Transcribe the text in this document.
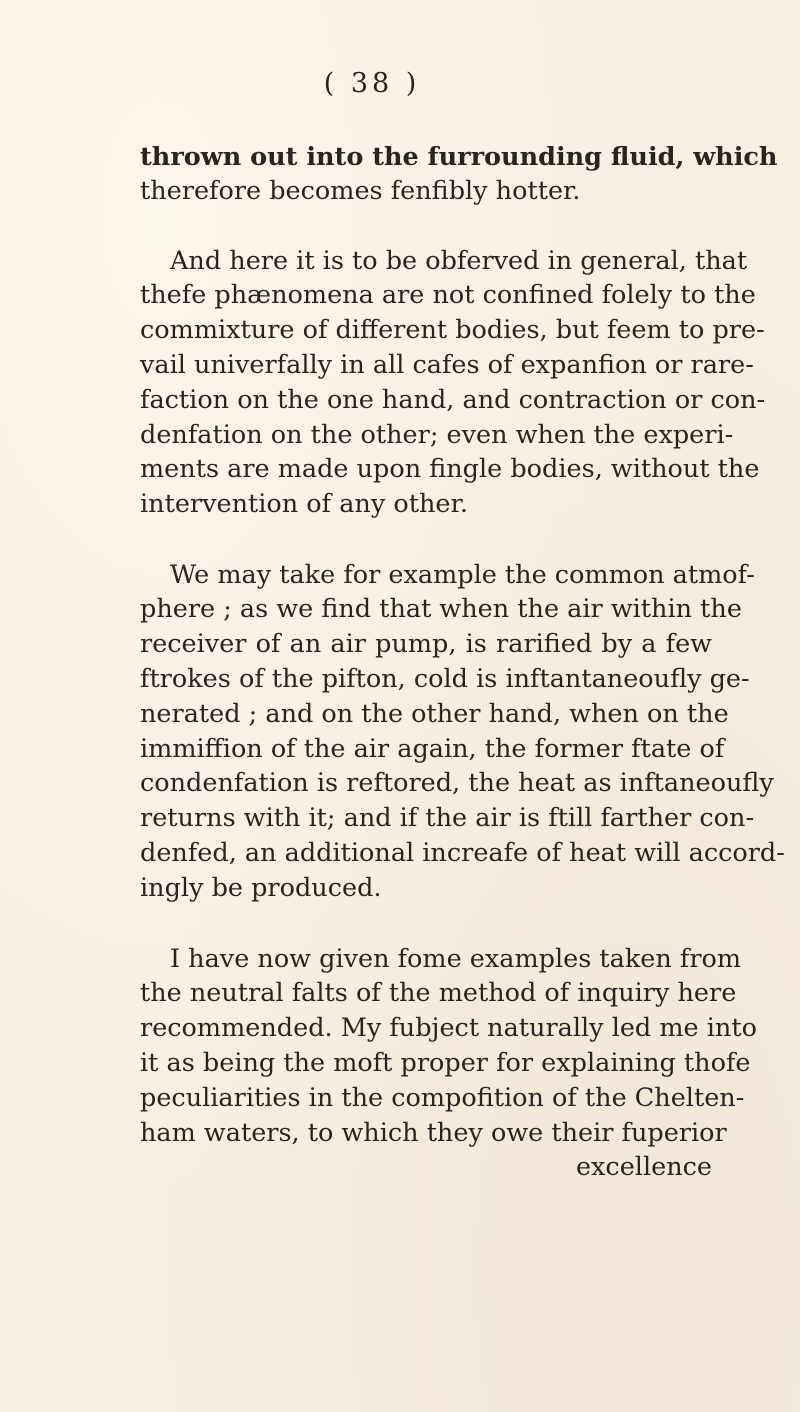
( 38 )
thrown out into the furrounding fluid, which
therefore becomes fenfibly hotter.
And here it is to be obferved in general, that
thefe phænomena are not confined folely to the
commixture of different bodies, but feem to pre-
vail univerfally in all cafes of expanfion or rare-
faction on the one hand, and contraction or con-
denfation on the other; even when the experi-
ments are made upon fingle bodies, without the
intervention of any other.
We may take for example the common atmof-
phere ; as we find that when the air within the
receiver of an air pump, is rarified by a few
ftrokes of the pifton, cold is inftantaneoufly ge-
nerated ; and on the other hand, when on the
immiffion of the air again, the former ftate of
condenfation is reftored, the heat as inftaneoufly
returns with it; and if the air is ftill farther con-
denfed, an additional increafe of heat will accord-
ingly be produced.
I have now given fome examples taken from
the neutral falts of the method of inquiry here
recommended. My fubject naturally led me into
it as being the moft proper for explaining thofe
peculiarities in the compofition of the Chelten-
ham waters, to which they owe their fuperior
excellence
